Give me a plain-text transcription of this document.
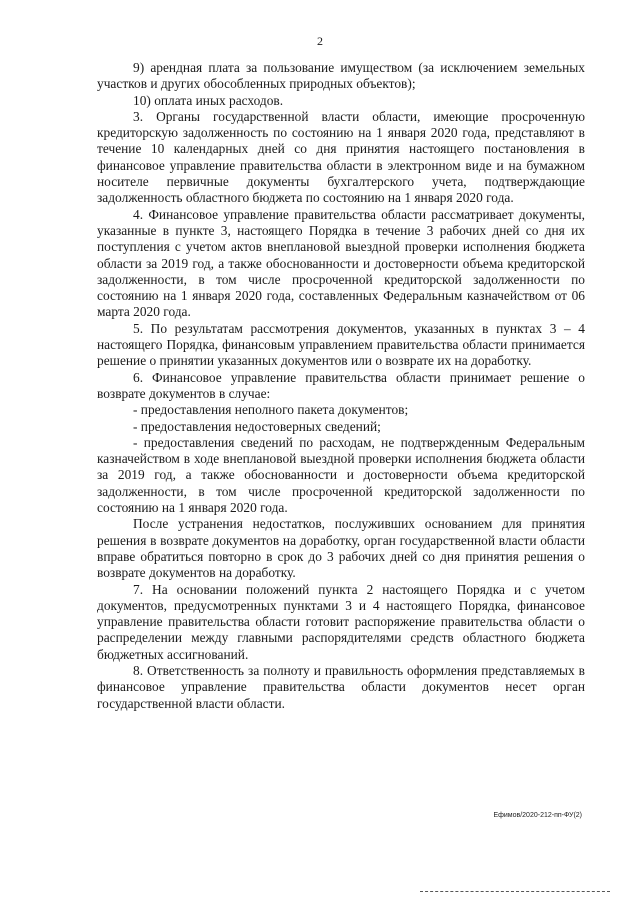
2

9) арендная плата за пользование имуществом (за исключением земельных участков и других обособленных природных объектов);

10) оплата иных расходов.

3. Органы государственной власти области, имеющие просроченную кредиторскую задолженность по состоянию на 1 января 2020 года, представляют в течение 10 календарных дней со дня принятия настоящего постановления в финансовое управление правительства области в электронном виде и на бумажном носителе первичные документы бухгалтерского учета, подтверждающие задолженность областного бюджета по состоянию на 1 января 2020 года.

4. Финансовое управление правительства области рассматривает документы, указанные в пункте 3, настоящего Порядка в течение 3 рабочих дней со дня их поступления с учетом актов внеплановой выездной проверки исполнения бюджета области за 2019 год, а также обоснованности и достоверности объема кредиторской задолженности, в том числе просроченной кредиторской задолженности по состоянию на 1 января 2020 года, составленных Федеральным казначейством от 06 марта 2020 года.

5. По результатам рассмотрения документов, указанных в пунктах 3 – 4 настоящего Порядка, финансовым управлением правительства области принимается решение о принятии указанных документов или о возврате их на доработку.

6. Финансовое управление правительства области принимает решение о возврате документов в случае:

- предоставления неполного пакета документов;

- предоставления недостоверных сведений;

- предоставления сведений по расходам, не подтвержденным Федеральным казначейством в ходе внеплановой выездной проверки исполнения бюджета области за 2019 год, а также обоснованности и достоверности объема кредиторской задолженности, в том числе просроченной кредиторской задолженности по состоянию на 1 января 2020 года.

После устранения недостатков, послуживших основанием для принятия решения в возврате документов на доработку, орган государственной власти области вправе обратиться повторно в срок до 3 рабочих дней со дня принятия решения о возврате документов на доработку.

7. На основании положений пункта 2 настоящего Порядка и с учетом документов, предусмотренных пунктами 3 и 4 настоящего Порядка, финансовое управление правительства области готовит распоряжение правительства области о распределении между главными распорядителями средств областного бюджета бюджетных ассигнований.

8. Ответственность за полноту и правильность оформления представляемых в финансовое управление правительства области документов несет орган государственной власти области.

Ефимов/2020-212-пп-ФУ(2)
